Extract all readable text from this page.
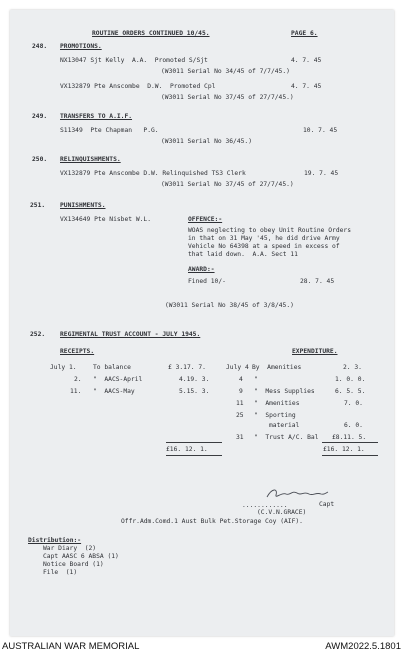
ROUTINE ORDERS CONTINUED 10/45.	PAGE 6.
248. PROMOTIONS.
NX13047 Sjt Kelly  A.A.  Promoted S/Sjt	4. 7. 45
(W3011 Serial No 34/45 of 7/7/45.)
VX132879 Pte Anscombe  D.W.  Promoted Cpl	4. 7. 45
(W3011 Serial No 37/45 of 27/7/45.)
249. TRANSFERS TO A.I.F.
S11349  Pte Chapman   P.G.	10. 7. 45
(W3011 Serial No 36/45.)
250. RELINQUISHMENTS.
VX132879 Pte Anscombe D.W. Relinquished TS3 Clerk	19. 7. 45
(W3011 Serial No 37/45 of 27/7/45.)
251. PUNISHMENTS.
VX134649 Pte Nisbet W.L.	OFFENCE:-
WOAS neglecting to obey Unit Routine Orders
in that on 31 May '45, he did drive Army
Vehicle No 64398 at a speed in excess of
that laid down.  A.A. Sect 11
AWARD:-
Fined 10/-	28. 7. 45
(W3011 Serial No 38/45 of 3/8/45.)
252. REGIMENTAL TRUST ACCOUNT - JULY 1945.
RECEIPTS.	EXPENDITURE.
July 1.	To balance	£ 3.17. 7.
2. "  AACS-April	4.19. 3.
11. "  AACS-May	5.15. 3.
July 4 By  Amenities	2. 3.
4 "	1. 0. 0.
9 "  Mess Supplies	6. 5. 5.
11 "  Amenities	7. 0.
25 "  Sporting
material	6. 0.
31 "  Trust A/C. Bal £8.11. 5.
£16. 12. 1.	£16. 12. 1.
............	Capt
(C.V.N.GRACE)
Offr.Adm.Comd.1 Aust Bulk Pet.Storage Coy (AIF).
Distribution:-
War Diary  (2)
Capt AASC 6 ABSA (1)
Notice Board (1)
File  (1)
AUSTRALIAN WAR MEMORIAL	AWM2022.5.1801
